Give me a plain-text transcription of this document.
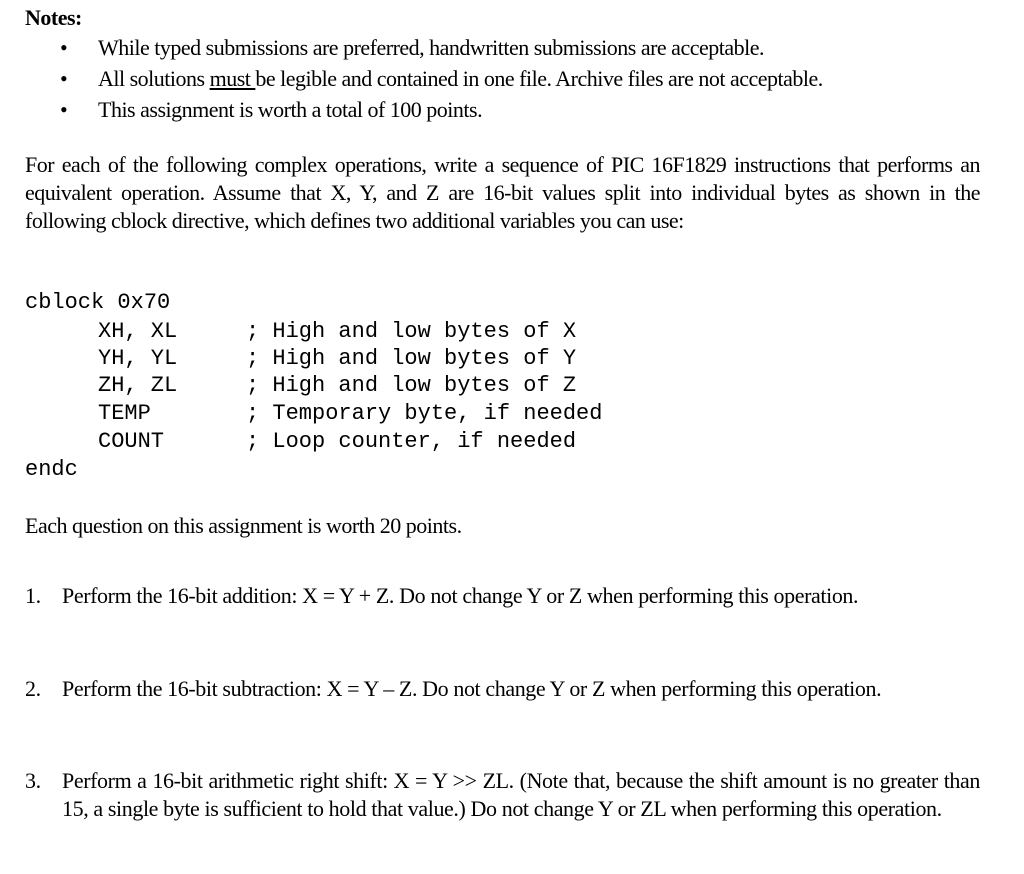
Notes:
• While typed submissions are preferred, handwritten submissions are acceptable.
• All solutions must be legible and contained in one file. Archive files are not acceptable.
• This assignment is worth a total of 100 points.
For each of the following complex operations, write a sequence of PIC 16F1829 instructions that performs an equivalent operation. Assume that X, Y, and Z are 16-bit values split into individual bytes as shown in the following cblock directive, which defines two additional variables you can use:
cblock 0x70

XH, XL	; High and low bytes of X

YH, YL	; High and low bytes of Y

ZH, ZL	; High and low bytes of Z

TEMP	; Temporary byte, if needed

COUNT	; Loop counter, if needed

endc
Each question on this assignment is worth 20 points.
1. Perform the 16-bit addition: X = Y + Z. Do not change Y or Z when performing this operation.
2. Perform the 16-bit subtraction: X = Y – Z. Do not change Y or Z when performing this operation.
3. Perform a 16-bit arithmetic right shift: X = Y >> ZL. (Note that, because the shift amount is no greater than 15, a single byte is sufficient to hold that value.) Do not change Y or ZL when performing this operation.
